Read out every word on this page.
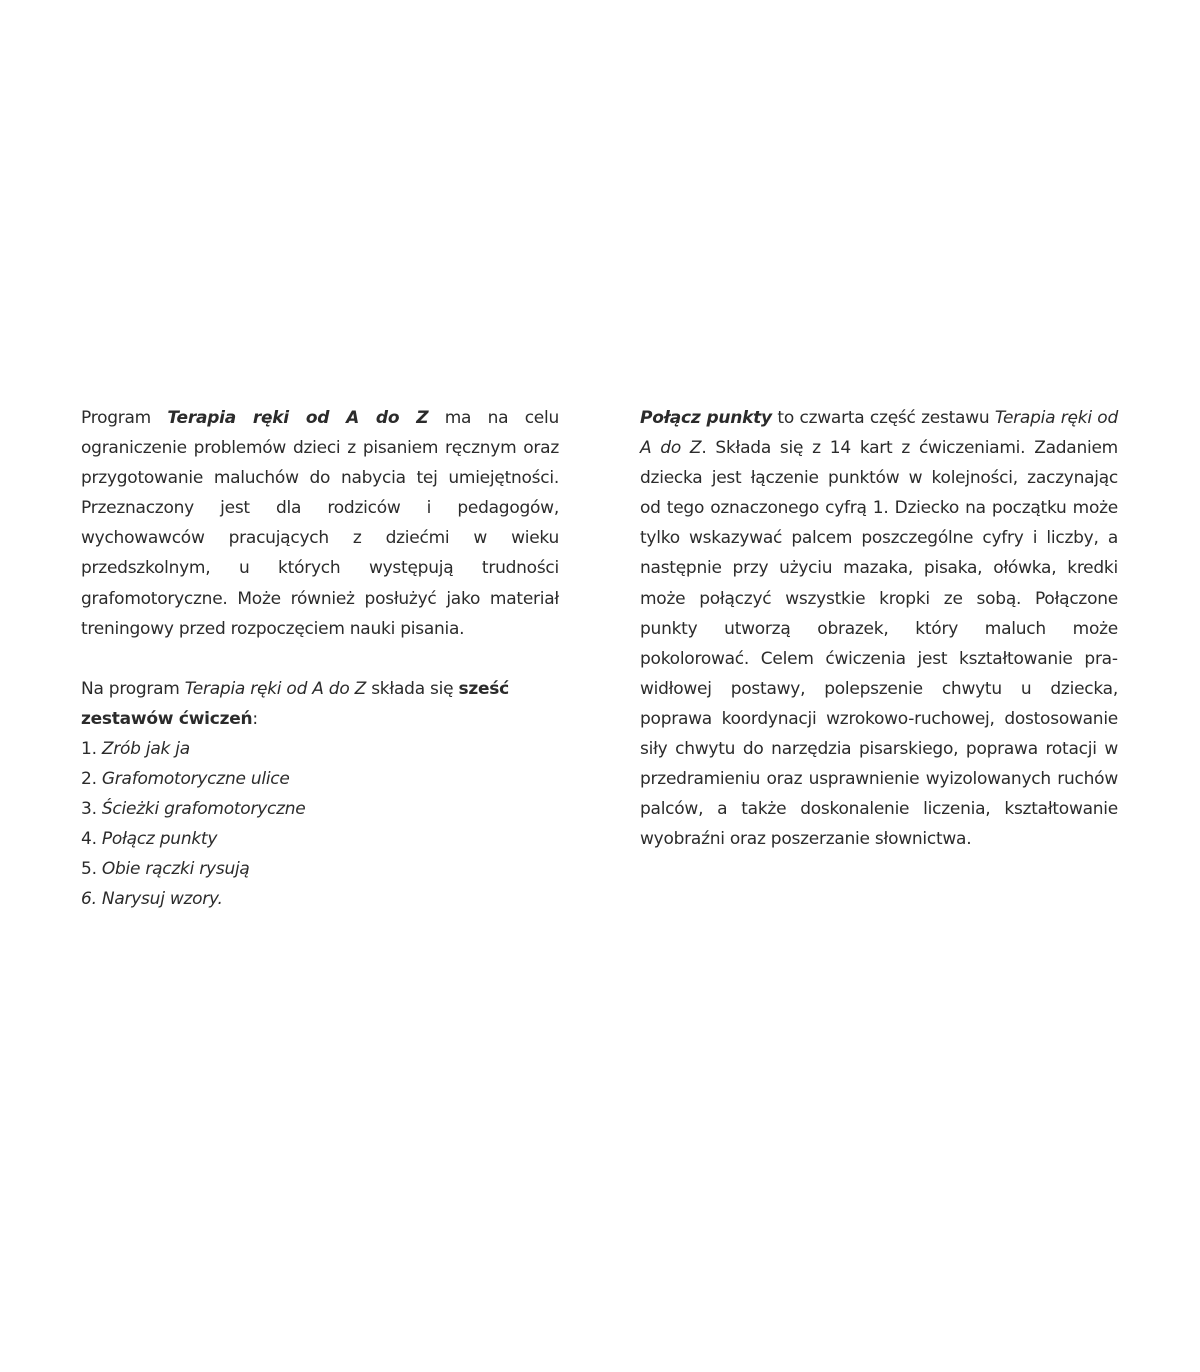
Program Terapia ręki od A do Z ma na celu ograniczenie problemów dzieci z pisaniem ręcznym oraz przygotowanie maluchów do nabycia tej umiejętności. Przeznaczony jest dla rodziców i pedagogów, wychowawców pracujących z dziećmi w wieku przedszkolnym, u których występują trudności grafomotoryczne. Może również posłużyć jako materiał treningowy przed rozpoczęciem nauki pisania.

Na program Terapia ręki od A do Z składa się sześć zestawów ćwiczeń:

1. Zrób jak ja
2. Grafomotoryczne ulice
3. Ścieżki grafomotoryczne
4. Połącz punkty
5. Obie rączki rysują
6. Narysuj wzory.

Połącz punkty to czwarta część zestawu Terapia ręki od A do Z. Składa się z 14 kart z ćwiczeniami. Zadaniem dziecka jest łączenie punktów w kolejności, zaczynając od tego oznaczonego cyfrą 1. Dziecko na początku może tylko wskazywać palcem poszczególne cyfry i liczby, a następnie przy użyciu mazaka, pisaka, ołówka, kredki może połączyć wszystkie kropki ze sobą. Połączone punkty utworzą obrazek, który maluch może pokolorować. Celem ćwiczenia jest kształtowanie prawidłowej postawy, polepszenie chwytu u dziecka, poprawa koordynacji wzrokowo-ruchowej, dostosowanie siły chwytu do narzędzia pisarskiego, poprawa rotacji w przedramieniu oraz usprawnienie wyizolowanych ruchów palców, a także doskonalenie liczenia, kształtowanie wyobraźni oraz poszerzanie słownictwa.
